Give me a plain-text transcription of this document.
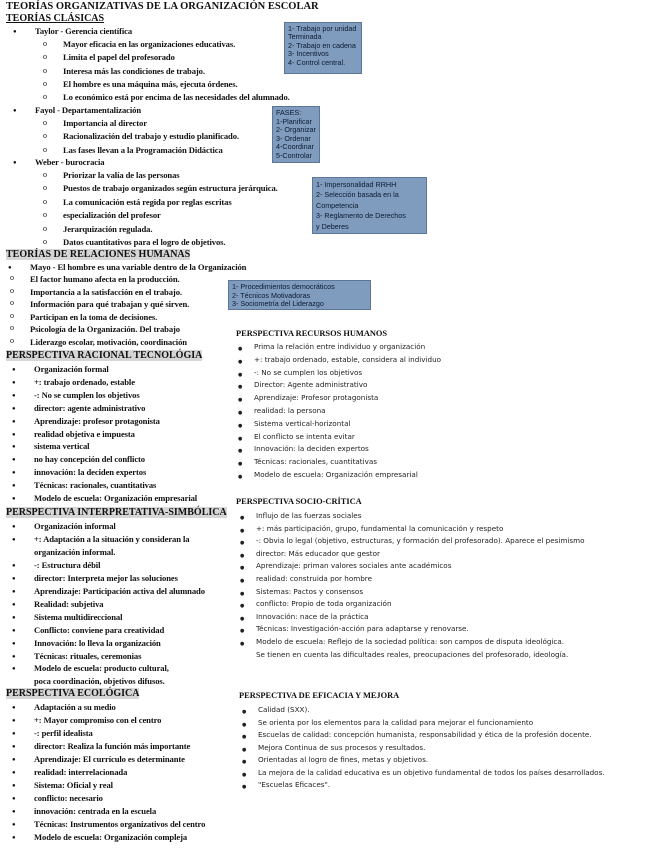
TEORÍAS ORGANIZATIVAS DE LA ORGANIZACIÓN ESCOLAR
TEORÍAS CLÁSICAS
● Taylor - Gerencia científica
o Mayor eficacia en las organizaciones educativas.
o Limita el papel del profesorado
o Interesa más las condiciones de trabajo.
o El hombre es una máquina más, ejecuta órdenes.
o Lo económico está por encima de las necesidades del alumnado.
● Fayol - Departamentalización
o Importancia al director
o Racionalización del trabajo y estudio planificado.
o Las fases llevan a la Programación Didáctica
● Weber - burocracia
o Priorizar la valía de las personas
o Puestos de trabajo organizados según estructura jerárquica.
o La comunicación está regida por reglas escritas
o especialización del profesor
o Jerarquización regulada.
o Datos cuantitativos para el logro de objetivos.
1- Trabajo por unidad
Terminada
2- Trabajo en cadena
3- Incentivos
4- Control central.
FASES:
1-Planificar
2- Organizar
3- Ordenar
4-Coordinar
5-Controlar
1- Impersonalidad RRHH
2- Selección basada en la
Competencia
3- Reglamento de Derechos
y Deberes
1- Procedimientos democráticos
2- Técnicos Motivadoras
3- Sociometría del Liderazgo
TEORÍAS DE RELACIONES HUMANAS
● Mayo - El hombre es una variable dentro de la Organización
o El factor humano afecta en la producción.
o Importancia a la satisfacción en el trabajo.
o Información para qué trabajan y qué sirven.
o Participan en la toma de decisiones.
o Psicología de la Organización. Del trabajo
o Liderazgo escolar, motivación, coordinación
PERSPECTIVA RACIONAL TECNOLÓGIA
● Organización formal
● +: trabajo ordenado, estable
● -: No se cumplen los objetivos
● director: agente administrativo
● Aprendizaje: profesor protagonista
● realidad objetiva e impuesta
● sistema vertical
● no hay concepción del conflicto
● innovación: la deciden expertos
● Técnicas: racionales, cuantitativas
● Modelo de escuela: Organización empresarial
PERSPECTIVA INTERPRETATIVA-SIMBÓLICA
● Organización informal
● +: Adaptación a la situación y consideran la
organización informal.
● -: Estructura débil
● director: Interpreta mejor las soluciones
● Aprendizaje: Participación activa del alumnado
● Realidad: subjetiva
● Sistema multidireccional
● Conflicto: conviene para creatividad
● Innovación: lo lleva la organización
● Técnicas: rituales, ceremonias
● Modelo de escuela: producto cultural,
poca coordinación, objetivos difusos.
PERSPECTIVA ECOLÓGICA
● Adaptación a su medio
● +: Mayor compromiso con el centro
● -: perfil idealista
● director: Realiza la función más importante
● Aprendizaje: El currículo es determinante
● realidad: interrelacionada
● Sistema: Oficial y real
● conflicto: necesario
● innovación: centrada en la escuela
● Técnicas: Instrumentos organizativos del centro
● Modelo de escuela: Organización compleja
PERSPECTIVA RECURSOS HUMANOS
● Prima la relación entre individuo y organización
● +: trabajo ordenado, estable, considera al individuo
● -: No se cumplen los objetivos
● Director: Agente administrativo
● Aprendizaje: Profesor protagonista
● realidad: la persona
● Sistema vertical-horizontal
● El conflicto se intenta evitar
● Innovación: la deciden expertos
● Técnicas: racionales, cuantitativas
● Modelo de escuela: Organización empresarial
PERSPECTIVA SOCIO-CRÍTICA
● Influjo de las fuerzas sociales
● +: más participación, grupo, fundamental la comunicación y respeto
● -: Obvia lo legal (objetivo, estructuras, y formación del profesorado). Aparece el pesimismo
● director: Más educador que gestor
● Aprendizaje: priman valores sociales ante académicos
● realidad: construida por hombre
● Sistemas: Pactos y consensos
● conflicto: Propio de toda organización
● Innovación: nace de la práctica
● Técnicas: Investigación-acción para adaptarse y renovarse.
● Modelo de escuela: Reflejo de la sociedad política: son campos de disputa ideológica.
Se tienen en cuenta las dificultades reales, preocupaciones del profesorado, ideología.
PERSPECTIVA DE EFICACIA Y MEJORA
● Calidad (SXX).
● Se orienta por los elementos para la calidad para mejorar el funcionamiento
● Escuelas de calidad: concepción humanista, responsabilidad y ética de la profesión docente.
● Mejora Continua de sus procesos y resultados.
● Orientadas al logro de fines, metas y objetivos.
● La mejora de la calidad educativa es un objetivo fundamental de todos los países desarrollados.
● "Escuelas Eficaces".
